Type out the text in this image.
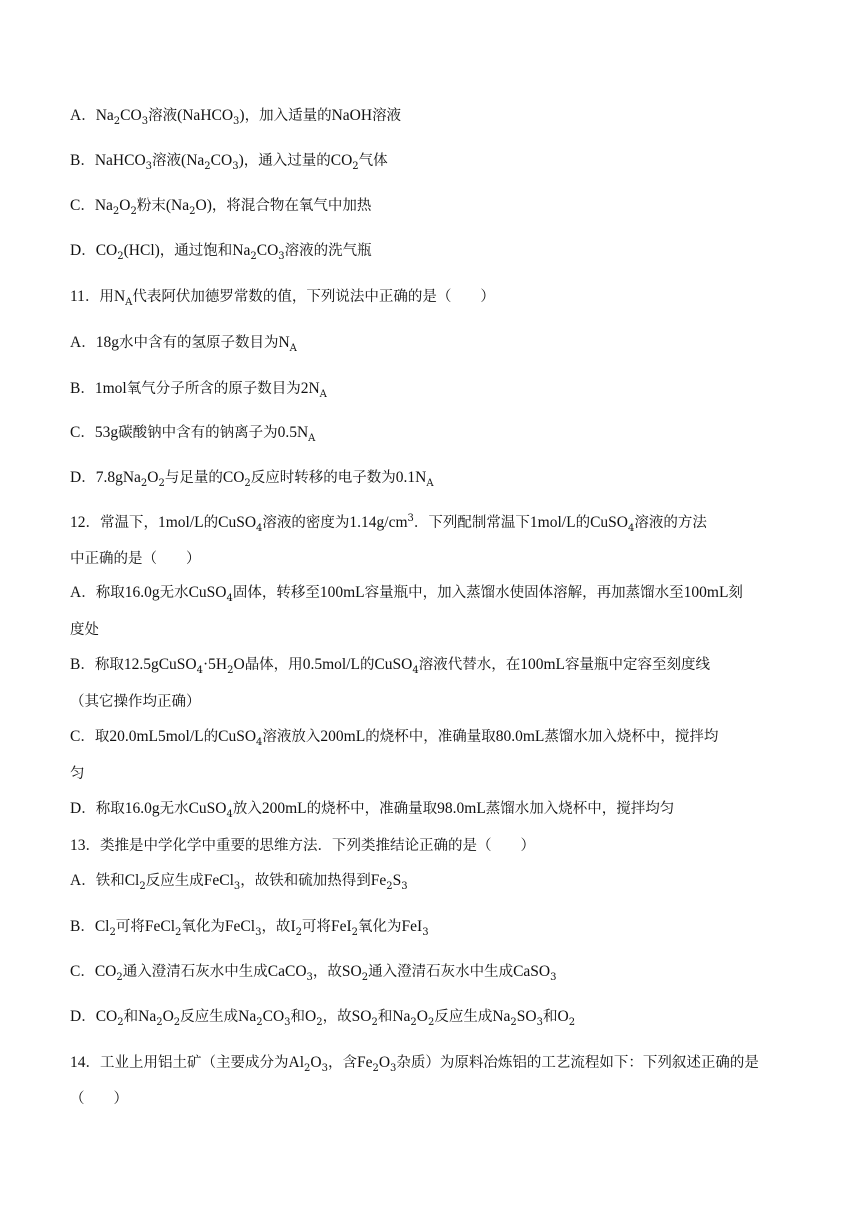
A．$Na_2CO_3$溶液(NaHCO$_3$)，加入适量的NaOH溶液
B．NaHCO$_3$溶液$(Na_2CO_3)$，通入过量的$CO_2$气体
C．$Na_2O_2$粉末$(Na_2O)$，将混合物在氧气中加热
D．$CO_2(HCl)$，通过饱和$Na_2CO_3$溶液的洗气瓶
11．用$N_A$代表阿伏加德罗常数的值，下列说法中正确的是（　　）
A．18g水中含有的氢原子数目为$N_A$
B．1mol氧气分子所含的原子数目为$2N_A$
C．53g碳酸钠中含有的钠离子为$0.5N_A$
D．$7.8gNa_2O_2$与足量的$CO_2$反应时转移的电子数为$0.1N_A$
12．常温下，1mol/L的CuSO$_4$溶液的密度为$1.14g/cm^3$．下列配制常温下1mol/L的CuSO$_4$溶液的方法
中正确的是（　　）
A．称取16.0g无水CuSO$_4$固体，转移至100mL容量瓶中，加入蒸馏水使固体溶解，再加蒸馏水至100mL刻
度处
B．称取$12.5gCuSO_4\cdot 5H_2O$晶体，用0.5mol/L的CuSO$_4$溶液代替水，在100mL容量瓶中定容至刻度线
（其它操作均正确）
C．取20.0mL5mol/L的CuSO$_4$溶液放入200mL的烧杯中，准确量取80.0mL蒸馏水加入烧杯中，搅拌均
匀
D．称取16.0g无水CuSO$_4$放入200mL的烧杯中，准确量取98.0mL蒸馏水加入烧杯中，搅拌均匀
13．类推是中学化学中重要的思维方法．下列类推结论正确的是（　　）
A．铁和$Cl_2$反应生成FeCl$_3$，故铁和硫加热得到$Fe_2S_3$
B．$Cl_2$可将FeCl$_2$氧化为FeCl$_3$，故$I_2$可将FeI$_2$氧化为FeI$_3$
C．$CO_2$通入澄清石灰水中生成CaCO$_3$，故$SO_2$通入澄清石灰水中生成CaSO$_3$
D．$CO_2$和$Na_2O_2$反应生成$Na_2CO_3$和$O_2$，故$SO_2$和$Na_2O_2$反应生成$Na_2SO_3$和$O_2$
14．工业上用铝土矿（主要成分为$Al_2O_3$，含$Fe_2O_3$杂质）为原料冶炼铝的工艺流程如下：下列叙述正确的是
（　　）
